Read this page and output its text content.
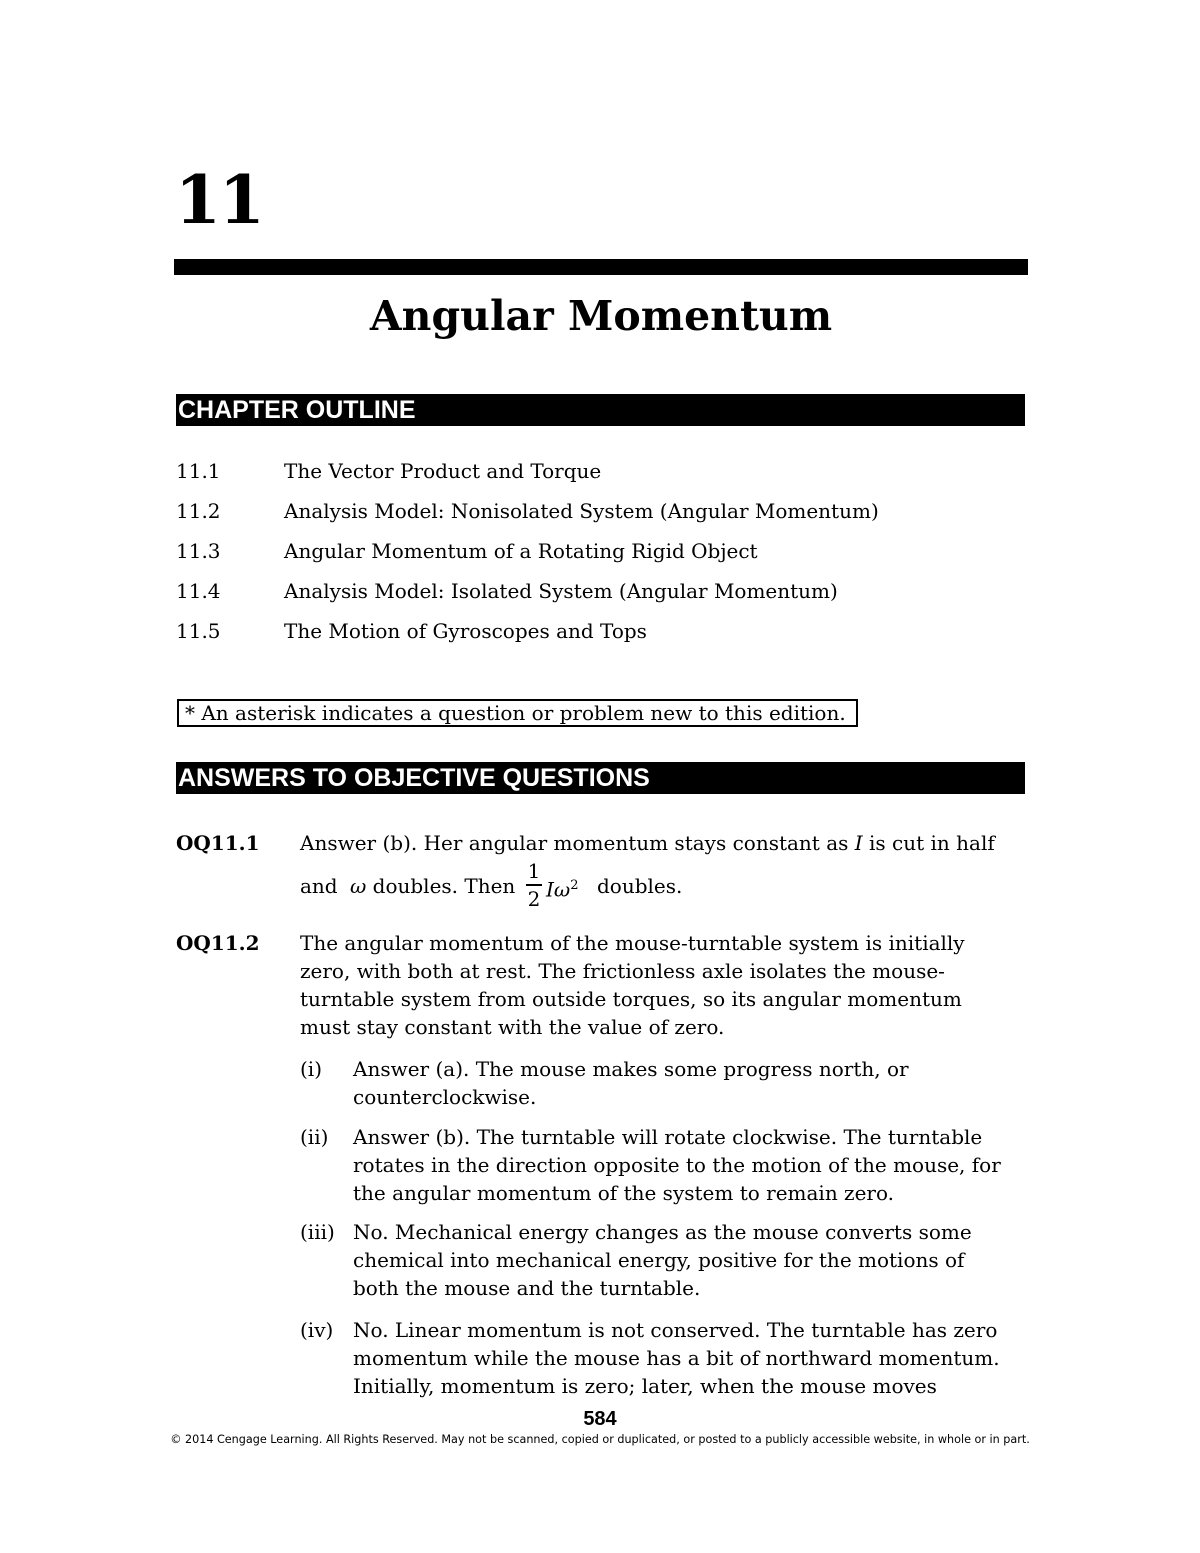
11
Angular Momentum
CHAPTER OUTLINE
11.1	The Vector Product and Torque
11.2	Analysis Model: Nonisolated System (Angular Momentum)
11.3	Angular Momentum of a Rotating Rigid Object
11.4	Analysis Model: Isolated System (Angular Momentum)
11.5	The Motion of Gyroscopes and Tops
* An asterisk indicates a question or problem new to this edition.
ANSWERS TO OBJECTIVE QUESTIONS
OQ11.1 Answer (b). Her angular momentum stays constant as I is cut in half
and ω doubles. Then
1
2 $I\omega^2$ doubles.
OQ11.2 The angular momentum of the mouse-turntable system is initially
zero, with both at rest. The frictionless axle isolates the mouse-
turntable system from outside torques, so its angular momentum
must stay constant with the value of zero.
(i) Answer (a). The mouse makes some progress north, or
counterclockwise.
(ii) Answer (b). The turntable will rotate clockwise. The turntable
rotates in the direction opposite to the motion of the mouse, for
the angular momentum of the system to remain zero.
(iii) No. Mechanical energy changes as the mouse converts some
chemical into mechanical energy, positive for the motions of
both the mouse and the turntable.
(iv) No. Linear momentum is not conserved. The turntable has zero
momentum while the mouse has a bit of northward momentum.
Initially, momentum is zero; later, when the mouse moves
584
© 2014 Cengage Learning. All Rights Reserved. May not be scanned, copied or duplicated, or posted to a publicly accessible website, in whole or in part.
